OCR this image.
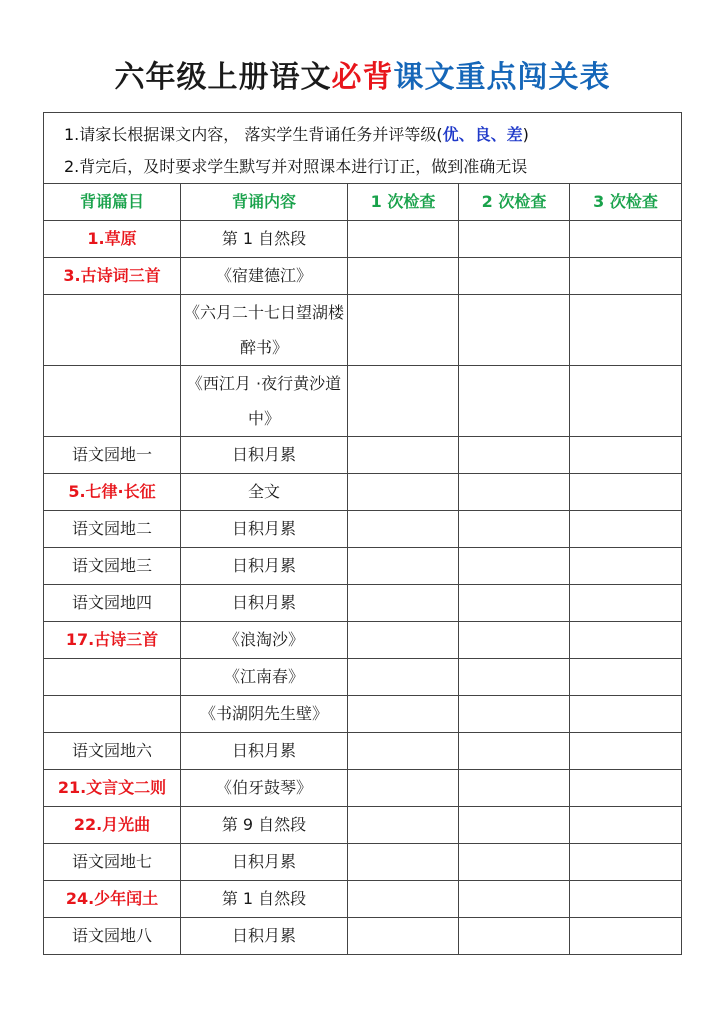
六年级上册语文必背课文重点闯关表
1.请家长根据课文内容， 落实学生背诵任务并评等级(优、良、差)
2.背完后，及时要求学生默写并对照课本进行订正，做到准确无误				

背诵篇目	背诵内容	1 次检查	2 次检查	3 次检查
1.草原	第 1 自然段			
3.古诗词三首	《宿建德江》			
	《六月二十七日望湖楼醉书》			
	《西江月 ·夜行黄沙道中》			
语文园地一	日积月累			
5.七律·长征	全文			
语文园地二	日积月累			
语文园地三	日积月累			
语文园地四	日积月累			
17.古诗三首	《浪淘沙》			
	《江南春》			
	《书湖阴先生壁》			
语文园地六	日积月累			
21.文言文二则	《伯牙鼓琴》			
22.月光曲	第 9 自然段			
语文园地七	日积月累			
24.少年闰土	第 1 自然段			
语文园地八	日积月累			
